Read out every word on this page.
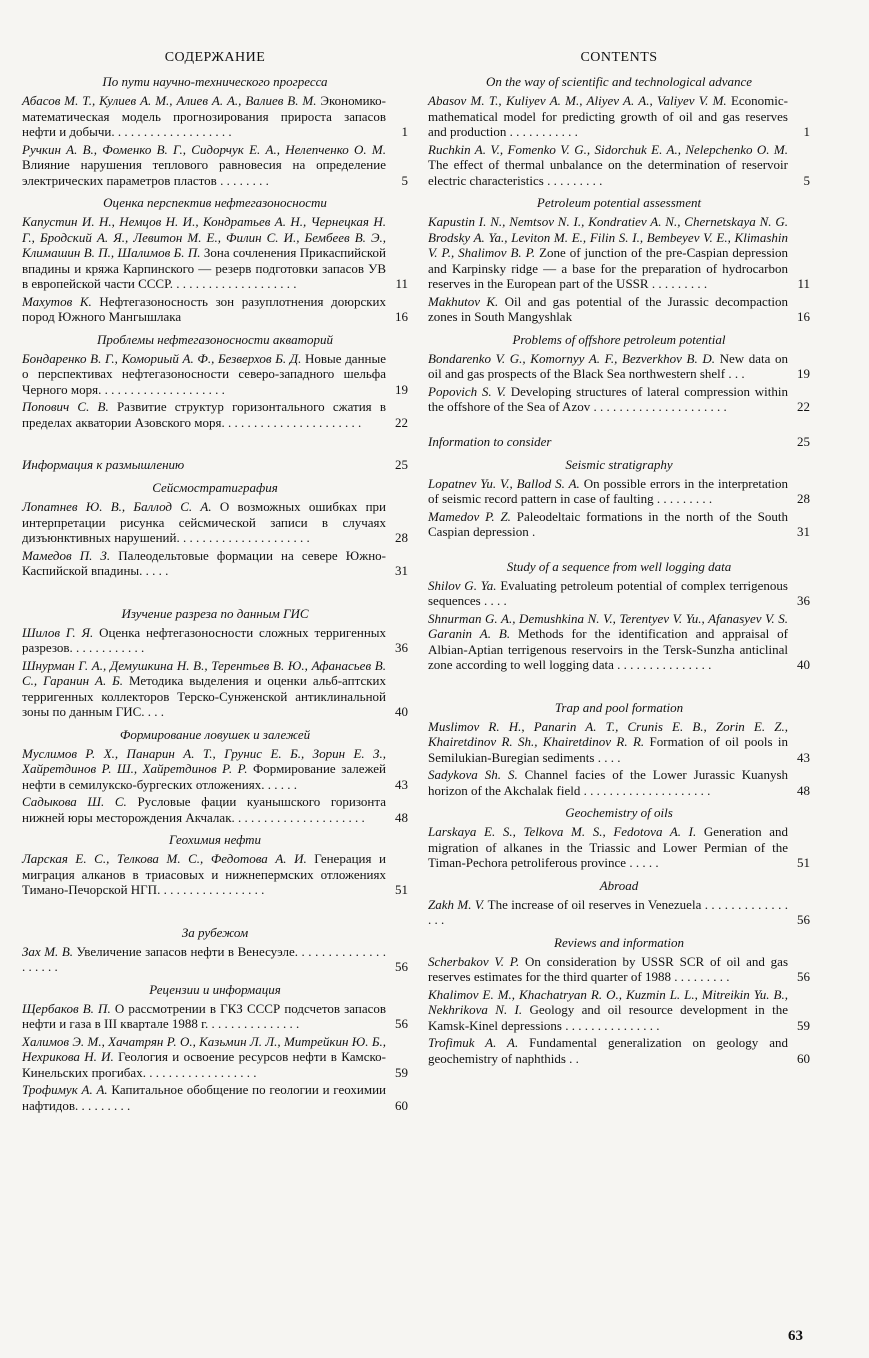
СОДЕРЖАНИЕ
По пути научно-технического прогресса
Абасов М. Т., Кулиев А. М., Алиев А. А., Валиев В. М. Экономико-математическая модель прогнозирования прироста запасов нефти и добычи. . . . . . . . . . . . . . . . . . .	1
Ручкин А. В., Фоменко В. Г., Сидорчук Е. А., Нелепченко О. М. Влияние нарушения теплового равновесия на определение электрических параметров пластов . . . . . . . .	5
Оценка перспектив нефтегазоносности
Капустин И. Н., Немцов Н. И., Кондратьев А. Н., Чернецкая Н. Г., Бродский А. Я., Левитон М. Е., Филин С. И., Бембеев В. Э., Климашин В. П., Шалимов Б. П. Зона сочленения Прикаспийской впадины и кряжа Карпинского — резерв подготовки запасов УВ в европейской части СССР. . . . . . . . . . . . . . . . . . . .	11
Махутов К. Нефтегазоносность зон разуплотнения доюрских пород Южного Мангышлака	16
Проблемы нефтегазоносности акваторий
Бондаренко В. Г., Комориый А. Ф., Безверхов Б. Д. Новые данные о перспективах нефтегазоносности северо-западного шельфа Черного моря. . . . . . . . . . . . . . . . . . . .	19
Попович С. В. Развитие структур горизонтального сжатия в пределах акватории Азовского моря. . . . . . . . . . . . . . . . . . . . . .	22
Информация к размышлению	25
Сейсмостратиграфия
Лопатнев Ю. В., Баллод С. А. О возможных ошибках при интерпретации рисунка сейсмической записи в случаях дизъюнктивных нарушений. . . . . . . . . . . . . . . . . . . . .	28
Мамедов П. З. Палеодельтовые формации на севере Южно-Каспийской впадины. . . . .	31
Изучение разреза по данным ГИС
Шилов Г. Я. Оценка нефтегазоносности сложных терригенных разрезов. . . . . . . . . . . .	36
Шнурман Г. А., Демушкина Н. В., Терентьев В. Ю., Афанасьев В. С., Гаранин А. Б. Методика выделения и оценки альб-аптских терригенных коллекторов Терско-Сунженской антиклинальной зоны по данным ГИС. . . .	40
Формирование ловушек и залежей
Муслимов Р. Х., Панарин А. Т., Грунис Е. Б., Зорин Е. З., Хайретдинов Р. Ш., Хайретдинов Р. Р. Формирование залежей нефти в семилукско-бургеских отложениях. . . . . .	43
Садыкова Ш. С. Русловые фации куанышского горизонта нижней юры месторождения Акчалак. . . . . . . . . . . . . . . . . . . . .	48
Геохимия нефти
Ларская Е. С., Телкова М. С., Федотова А. И. Генерация и миграция алканов в триасовых и нижнепермских отложениях Тимано-Печорской НГП. . . . . . . . . . . . . . . . .	51
За рубежом
Зах М. В. Увеличение запасов нефти в Венесуэле. . . . . . . . . . . . . . . . . . . .	56
Рецензии и информация
Щербаков В. П. О рассмотрении в ГКЗ СССР подсчетов запасов нефти и газа в III квартале 1988 г. . . . . . . . . . . . . . .	56
Халимов Э. М., Хачатрян Р. О., Казьмин Л. Л., Митрейкин Ю. Б., Нехрикова Н. И. Геология и освоение ресурсов нефти в Камско-Кинельских прогибах. . . . . . . . . . . . . . . . . .	59
Трофимук А. А. Капитальное обобщение по геологии и геохимии нафтидов. . . . . . . . .	60
CONTENTS
On the way of scientific and technological advance
Abasov M. T., Kuliyev A. M., Aliyev A. A., Valiyev V. M. Economic-mathematical model for predicting growth of oil and gas reserves and production . . . . . . . . . . .	1
Ruchkin A. V., Fomenko V. G., Sidorchuk E. A., Nelepchenko O. M. The effect of thermal unbalance on the determination of reservoir electric characteristics . . . . . . . . .	5
Petroleum potential assessment
Kapustin I. N., Nemtsov N. I., Kondratiev A. N., Chernetskaya N. G. Brodsky A. Ya., Leviton M. E., Filin S. I., Bembeyev V. E., Klimashin V. P., Shalimov B. P. Zone of junction of the pre-Caspian depression and Karpinsky ridge — a base for the preparation of hydrocarbon reserves in the European part of the USSR . . . . . . . . .	11
Makhutov K. Oil and gas potential of the Jurassic decompaction zones in South Mangyshlak	16
Problems of offshore petroleum potential
Bondarenko V. G., Komornyy A. F., Bezverkhov B. D. New data on oil and gas prospects of the Black Sea northwestern shelf . . .	19
Popovich S. V. Developing structures of lateral compression within the offshore of the Sea of Azov . . . . . . . . . . . . . . . . . . . . .	22
Information to consider	25
Seismic stratigraphy
Lopatnev Yu. V., Ballod S. A. On possible errors in the interpretation of seismic record pattern in case of faulting . . . . . . . . .	28
Mamedov P. Z. Paleodeltaic formations in the north of the South Caspian depression .	31
Study of a sequence from well logging data
Shilov G. Ya. Evaluating petroleum potential of complex terrigenous sequences . . . .	36
Shnurman G. A., Demushkina N. V., Terentyev V. Yu., Afanasyev V. S. Garanin A. B. Methods for the identification and appraisal of Albian-Aptian terrigenous reservoirs in the Tersk-Sunzha anticlinal zone according to well logging data . . . . . . . . . . . . . . .	40
Trap and pool formation
Muslimov R. H., Panarin A. T., Crunis E. B., Zorin E. Z., Khairetdinov R. Sh., Khairetdinov R. R. Formation of oil pools in Semilukian-Buregian sediments . . . .	43
Sadykova Sh. S. Channel facies of the Lower Jurassic Kuanysh horizon of the Akchalak field . . . . . . . . . . . . . . . . . . . .	48
Geochemistry of oils
Larskaya E. S., Telkova M. S., Fedotova A. I. Generation and migration of alkanes in the Triassic and Lower Permian of the Timan-Pechora petroliferous province . . . . .	51
Abroad
Zakh M. V. The increase of oil reserves in Venezuela . . . . . . . . . . . . . . . .	56
Reviews and information
Scherbakov V. P. On consideration by USSR SCR of oil and gas reserves estimates for the third quarter of 1988 . . . . . . . . .	56
Khalimov E. M., Khachatryan R. O., Kuzmin L. L., Mitreikin Yu. B., Nekhrikova N. I. Geology and oil resource development in the Kamsk-Kinel depressions . . . . . . . . . . . . . . .	59
Trofimuk A. A. Fundamental generalization on geology and geochemistry of naphthids . .	60
63
